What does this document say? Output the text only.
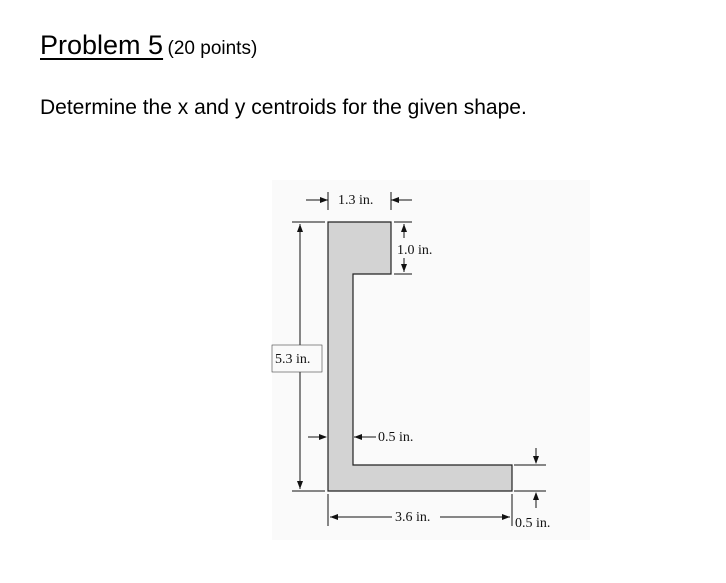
Problem 5 (20 points)
Determine the x and y centroids for the given shape.
1.3 in.
1.0 in.
5.3 in.
0.5 in.
3.6 in.	0.5 in.
